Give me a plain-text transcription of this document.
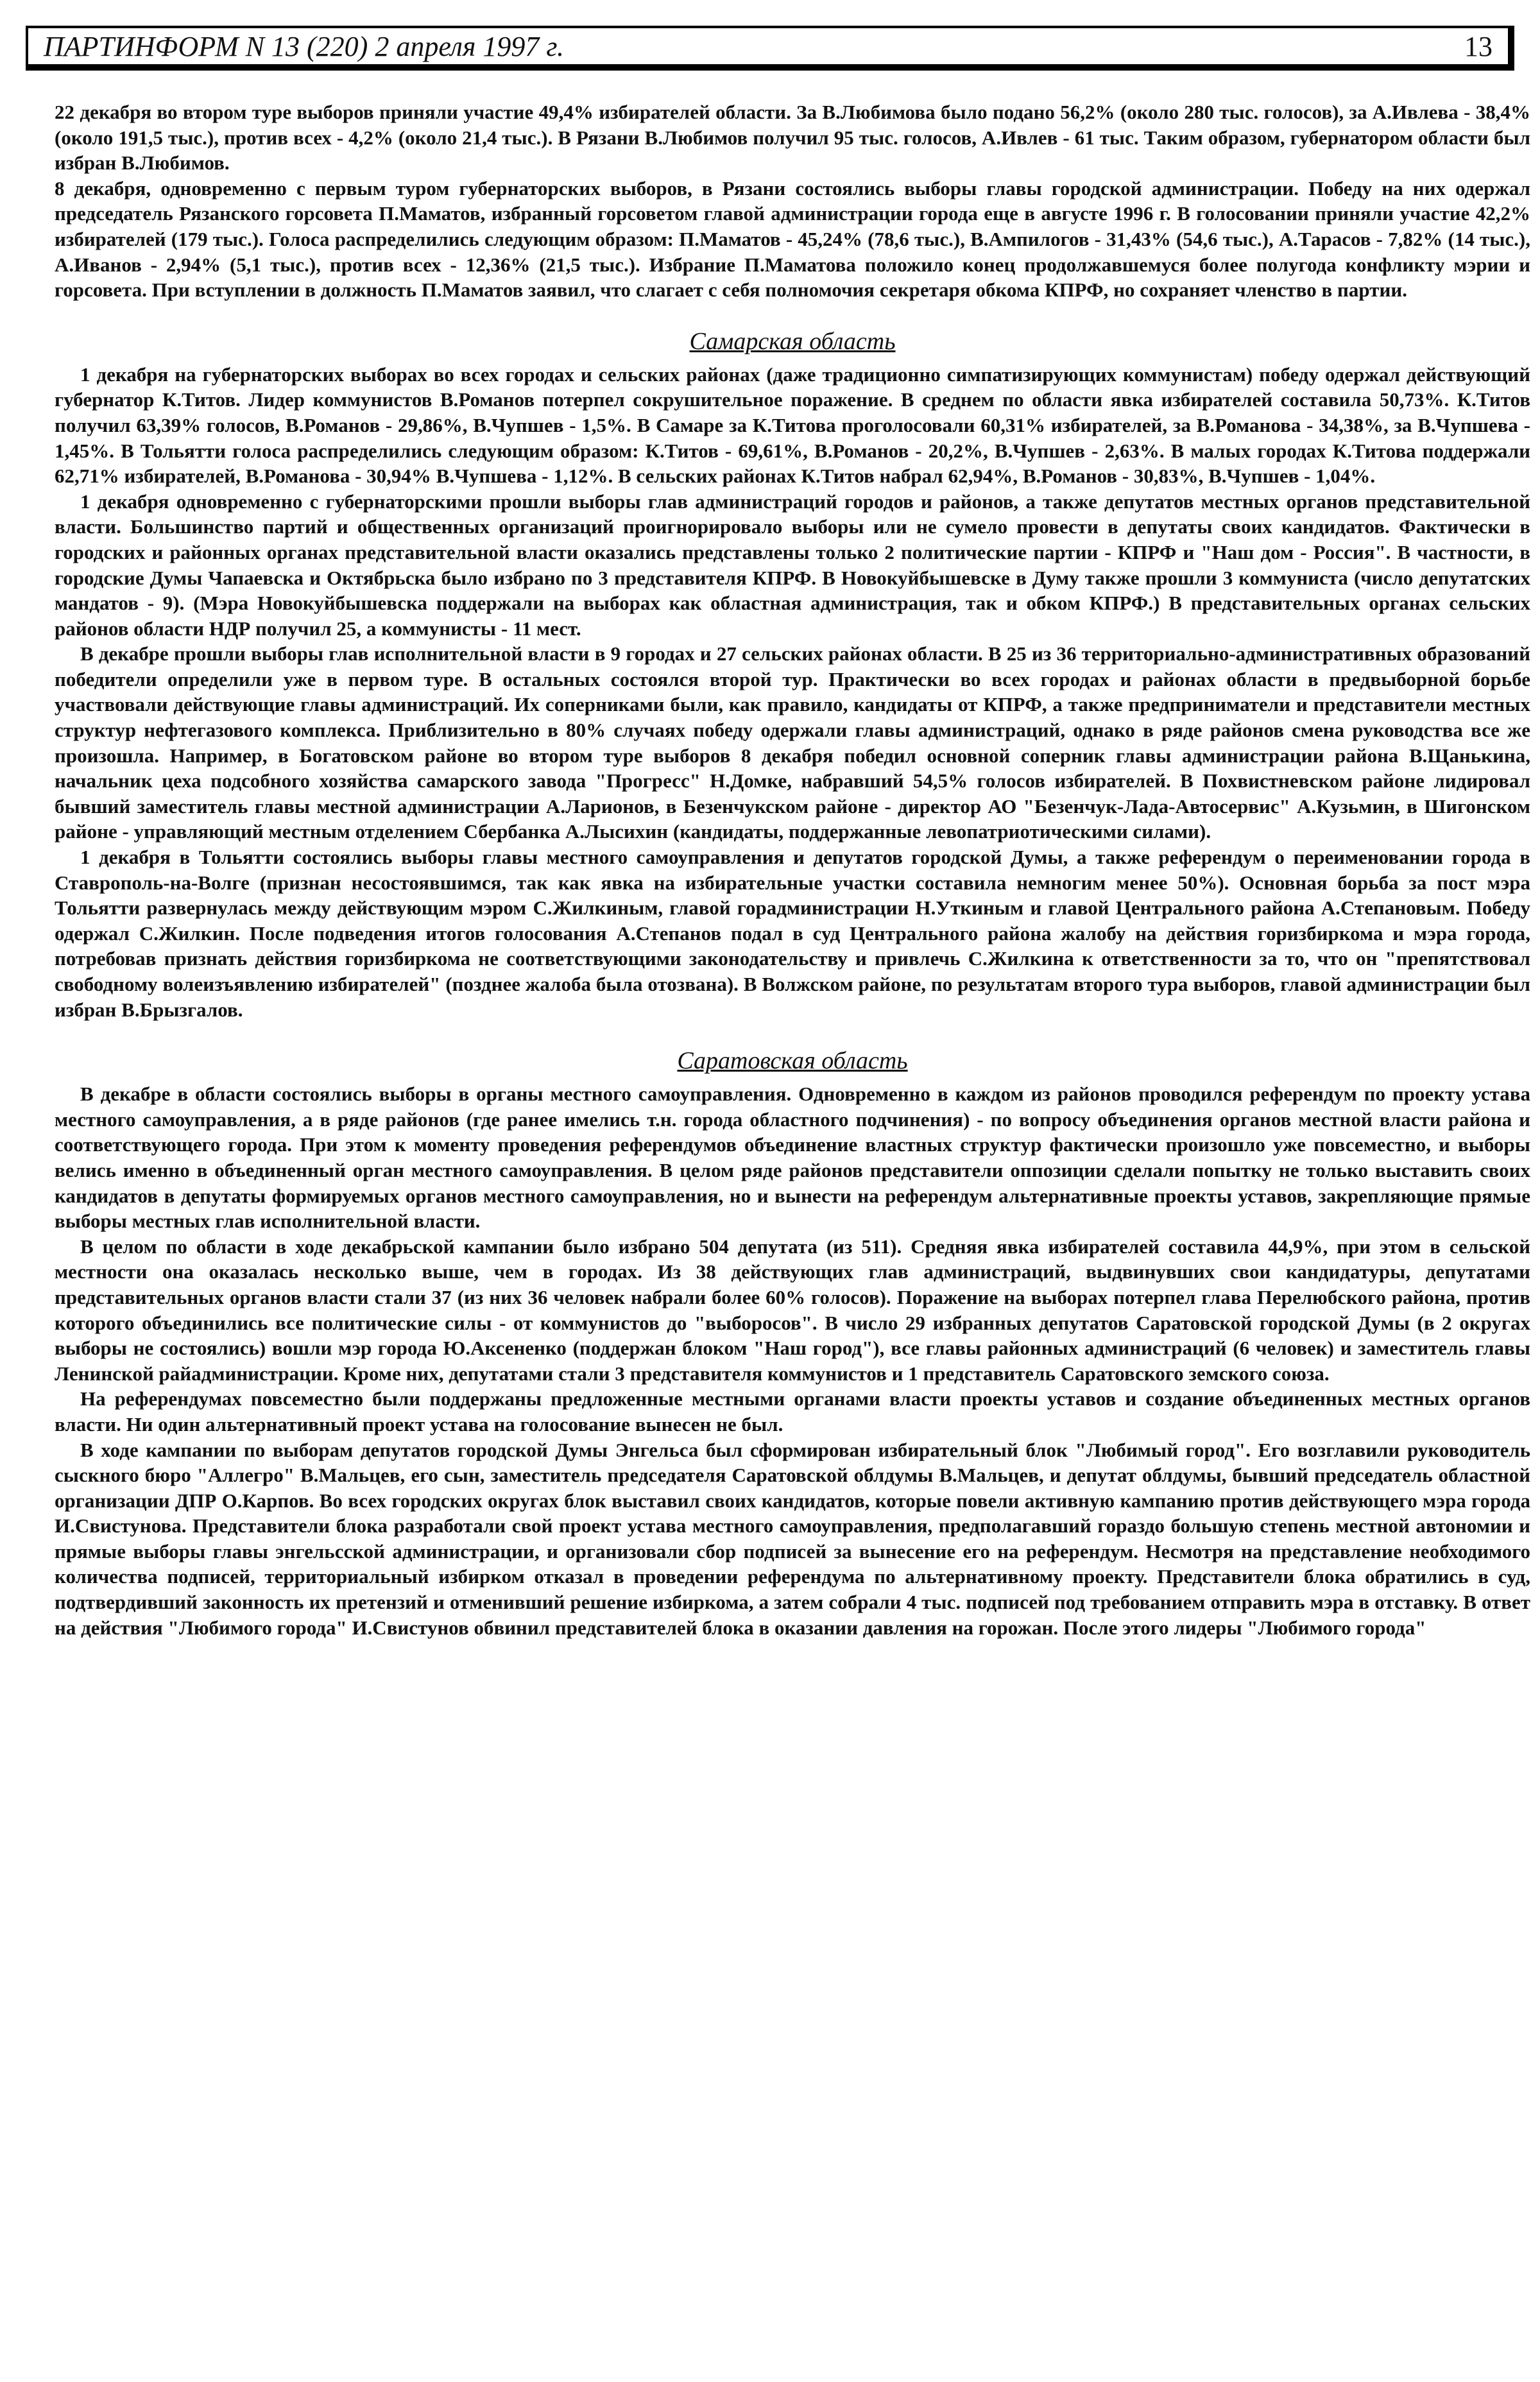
ПАРТИНФОРМ N 13 (220) 2 апреля 1997 г.	13

22 декабря во втором туре выборов приняли участие 49,4% избирателей области. За В.Любимова было подано 56,2% (около 280 тыс. голосов), за А.Ивлева - 38,4% (около 191,5 тыс.), против всех - 4,2% (около 21,4 тыс.). В Рязани В.Любимов получил 95 тыс. голосов, А.Ивлев - 61 тыс. Таким образом, губернатором области был избран В.Любимов.

8 декабря, одновременно с первым туром губернаторских выборов, в Рязани состоялись выборы главы городской администрации. Победу на них одержал председатель Рязанского горсовета П.Маматов, избранный горсоветом главой администрации города еще в августе 1996 г. В голосовании приняли участие 42,2% избирателей (179 тыс.). Голоса распределились следующим образом: П.Маматов - 45,24% (78,6 тыс.), В.Ампилогов - 31,43% (54,6 тыс.), А.Тарасов - 7,82% (14 тыс.), А.Иванов - 2,94% (5,1 тыс.), против всех - 12,36% (21,5 тыс.). Избрание П.Маматова положило конец продолжавшемуся более полугода конфликту мэрии и горсовета. При вступлении в должность П.Маматов заявил, что слагает с себя полномочия секретаря обкома КПРФ, но сохраняет членство в партии.

Самарская область

1 декабря на губернаторских выборах во всех городах и сельских районах (даже традиционно симпатизирующих коммунистам) победу одержал действующий губернатор К.Титов. Лидер коммунистов В.Романов потерпел сокрушительное поражение. В среднем по области явка избирателей составила 50,73%. К.Титов получил 63,39% голосов, В.Романов - 29,86%, В.Чупшев - 1,5%. В Самаре за К.Титова проголосовали 60,31% избирателей, за В.Романова - 34,38%, за В.Чупшева - 1,45%. В Тольятти голоса распределились следующим образом: К.Титов - 69,61%, В.Романов - 20,2%, В.Чупшев - 2,63%. В малых городах К.Титова поддержали 62,71% избирателей, В.Романова - 30,94% В.Чупшева - 1,12%. В сельских районах К.Титов набрал 62,94%, В.Романов - 30,83%, В.Чупшев - 1,04%.

1 декабря одновременно с губернаторскими прошли выборы глав администраций городов и районов, а также депутатов местных органов представительной власти. Большинство партий и общественных организаций проигнорировало выборы или не сумело провести в депутаты своих кандидатов. Фактически в городских и районных органах представительной власти оказались представлены только 2 политические партии - КПРФ и "Наш дом - Россия". В частности, в городские Думы Чапаевска и Октябрьска было избрано по 3 представителя КПРФ. В Новокуйбышевске в Думу также прошли 3 коммуниста (число депутатских мандатов - 9). (Мэра Новокуйбышевска поддержали на выборах как областная администрация, так и обком КПРФ.) В представительных органах сельских районов области НДР получил 25, а коммунисты - 11 мест.

В декабре прошли выборы глав исполнительной власти в 9 городах и 27 сельских районах области. В 25 из 36 территориально-административных образований победители определили уже в первом туре. В остальных состоялся второй тур. Практически во всех городах и районах области в предвыборной борьбе участвовали действующие главы администраций. Их соперниками были, как правило, кандидаты от КПРФ, а также предприниматели и представители местных структур нефтегазового комплекса. Приблизительно в 80% случаях победу одержали главы администраций, однако в ряде районов смена руководства все же произошла. Например, в Богатовском районе во втором туре выборов 8 декабря победил основной соперник главы администрации района В.Щанькина, начальник цеха подсобного хозяйства самарского завода "Прогресс" Н.Домке, набравший 54,5% голосов избирателей. В Похвистневском районе лидировал бывший заместитель главы местной администрации А.Ларионов, в Безенчукском районе - директор АО "Безенчук-Лада-Автосервис" А.Кузьмин, в Шигонском районе - управляющий местным отделением Сбербанка А.Лысихин (кандидаты, поддержанные левопатриотическими силами).

1 декабря в Тольятти состоялись выборы главы местного самоуправления и депутатов городской Думы, а также референдум о переименовании города в Ставрополь-на-Волге (признан несостоявшимся, так как явка на избирательные участки составила немногим менее 50%). Основная борьба за пост мэра Тольятти развернулась между действующим мэром С.Жилкиным, главой горадминистрации Н.Уткиным и главой Центрального района А.Степановым. Победу одержал С.Жилкин. После подведения итогов голосования А.Степанов подал в суд Центрального района жалобу на действия горизбиркома и мэра города, потребовав признать действия горизбиркома не соответствующими законодательству и привлечь С.Жилкина к ответственности за то, что он "препятствовал свободному волеизъявлению избирателей" (позднее жалоба была отозвана). В Волжском районе, по результатам второго тура выборов, главой администрации был избран В.Брызгалов.

Саратовская область

В декабре в области состоялись выборы в органы местного самоуправления. Одновременно в каждом из районов проводился референдум по проекту устава местного самоуправления, а в ряде районов (где ранее имелись т.н. города областного подчинения) - по вопросу объединения органов местной власти района и соответствующего города. При этом к моменту проведения референдумов объединение властных структур фактически произошло уже повсеместно, и выборы велись именно в объединенный орган местного самоуправления. В целом ряде районов представители оппозиции сделали попытку не только выставить своих кандидатов в депутаты формируемых органов местного самоуправления, но и вынести на референдум альтернативные проекты уставов, закрепляющие прямые выборы местных глав исполнительной власти.

В целом по области в ходе декабрьской кампании было избрано 504 депутата (из 511). Средняя явка избирателей составила 44,9%, при этом в сельской местности она оказалась несколько выше, чем в городах. Из 38 действующих глав администраций, выдвинувших свои кандидатуры, депутатами представительных органов власти стали 37 (из них 36 человек набрали более 60% голосов). Поражение на выборах потерпел глава Перелюбского района, против которого объединились все политические силы - от коммунистов до "выборосов". В число 29 избранных депутатов Саратовской городской Думы (в 2 округах выборы не состоялись) вошли мэр города Ю.Аксененко (поддержан блоком "Наш город"), все главы районных администраций (6 человек) и заместитель главы Ленинской райадминистрации. Кроме них, депутатами стали 3 представителя коммунистов и 1 представитель Саратовского земского союза.

На референдумах повсеместно были поддержаны предложенные местными органами власти проекты уставов и создание объединенных местных органов власти. Ни один альтернативный проект устава на голосование вынесен не был.

В ходе кампании по выборам депутатов городской Думы Энгельса был сформирован избирательный блок "Любимый город". Его возглавили руководитель сыскного бюро "Аллегро" В.Мальцев, его сын, заместитель председателя Саратовской облдумы В.Мальцев, и депутат облдумы, бывший председатель областной организации ДПР О.Карпов. Во всех городских округах блок выставил своих кандидатов, которые повели активную кампанию против действующего мэра города И.Свистунова. Представители блока разработали свой проект устава местного самоуправления, предполагавший гораздо большую степень местной автономии и прямые выборы главы энгельсской администрации, и организовали сбор подписей за вынесение его на референдум. Несмотря на представление необходимого количества подписей, территориальный избирком отказал в проведении референдума по альтернативному проекту. Представители блока обратились в суд, подтвердивший законность их претензий и отменивший решение избиркома, а затем собрали 4 тыс. подписей под требованием отправить мэра в отставку. В ответ на действия "Любимого города" И.Свистунов обвинил представителей блока в оказании давления на горожан. После этого лидеры "Любимого города"
